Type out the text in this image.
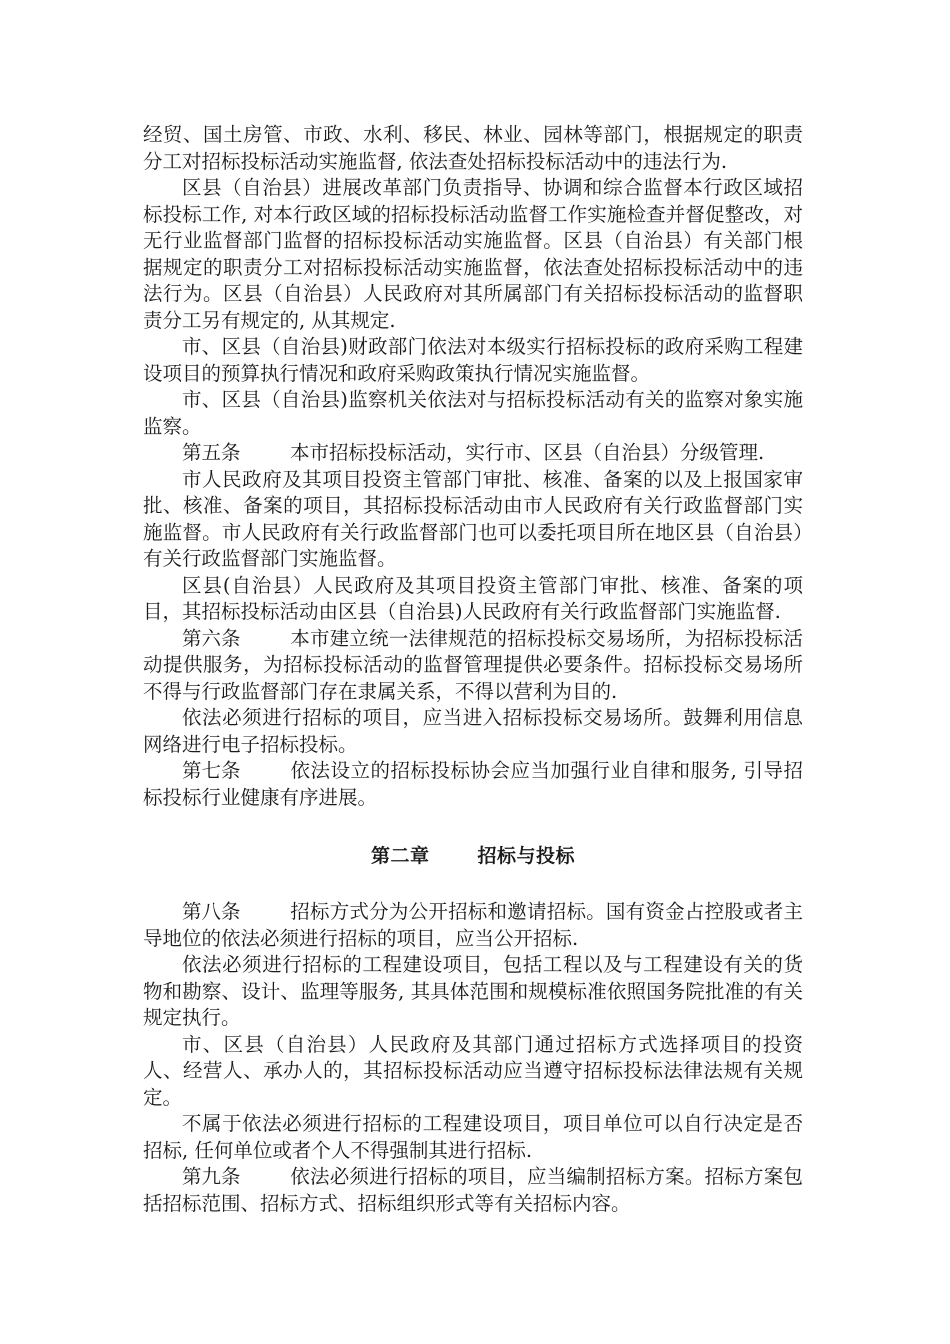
经贸、国土房管、市政、水利、移民、林业、园林等部门，根据规定的职责分工对招标投标活动实施监督, 依法查处招标投标活动中的违法行为.

区县（自治县）进展改革部门负责指导、协调和综合监督本行政区域招标投标工作, 对本行政区域的招标投标活动监督工作实施检查并督促整改，对无行业监督部门监督的招标投标活动实施监督。区县（自治县）有关部门根据规定的职责分工对招标投标活动实施监督，依法查处招标投标活动中的违法行为。区县（自治县）人民政府对其所属部门有关招标投标活动的监督职责分工另有规定的, 从其规定.

市、区县（自治县)财政部门依法对本级实行招标投标的政府采购工程建设项目的预算执行情况和政府采购政策执行情况实施监督。

市、区县（自治县)监察机关依法对与招标投标活动有关的监察对象实施监察。

第五条	本市招标投标活动，实行市、区县（自治县）分级管理.

市人民政府及其项目投资主管部门审批、核准、备案的以及上报国家审批、核准、备案的项目，其招标投标活动由市人民政府有关行政监督部门实施监督。市人民政府有关行政监督部门也可以委托项目所在地区县（自治县）有关行政监督部门实施监督。

区县(自治县）人民政府及其项目投资主管部门审批、核准、备案的项目，其招标投标活动由区县（自治县)人民政府有关行政监督部门实施监督.

第六条	本市建立统一法律规范的招标投标交易场所，为招标投标活动提供服务，为招标投标活动的监督管理提供必要条件。招标投标交易场所不得与行政监督部门存在隶属关系，不得以营利为目的.

依法必须进行招标的项目，应当进入招标投标交易场所。鼓舞利用信息网络进行电子招标投标。

第七条	依法设立的招标投标协会应当加强行业自律和服务, 引导招标投标行业健康有序进展。

第二章	招标与投标

第八条	招标方式分为公开招标和邀请招标。国有资金占控股或者主导地位的依法必须进行招标的项目，应当公开招标.

依法必须进行招标的工程建设项目，包括工程以及与工程建设有关的货物和勘察、设计、监理等服务, 其具体范围和规模标准依照国务院批准的有关规定执行。

市、区县（自治县）人民政府及其部门通过招标方式选择项目的投资人、经营人、承办人的，其招标投标活动应当遵守招标投标法律法规有关规定。

不属于依法必须进行招标的工程建设项目，项目单位可以自行决定是否招标, 任何单位或者个人不得强制其进行招标.

第九条	依法必须进行招标的项目，应当编制招标方案。招标方案包括招标范围、招标方式、招标组织形式等有关招标内容。
